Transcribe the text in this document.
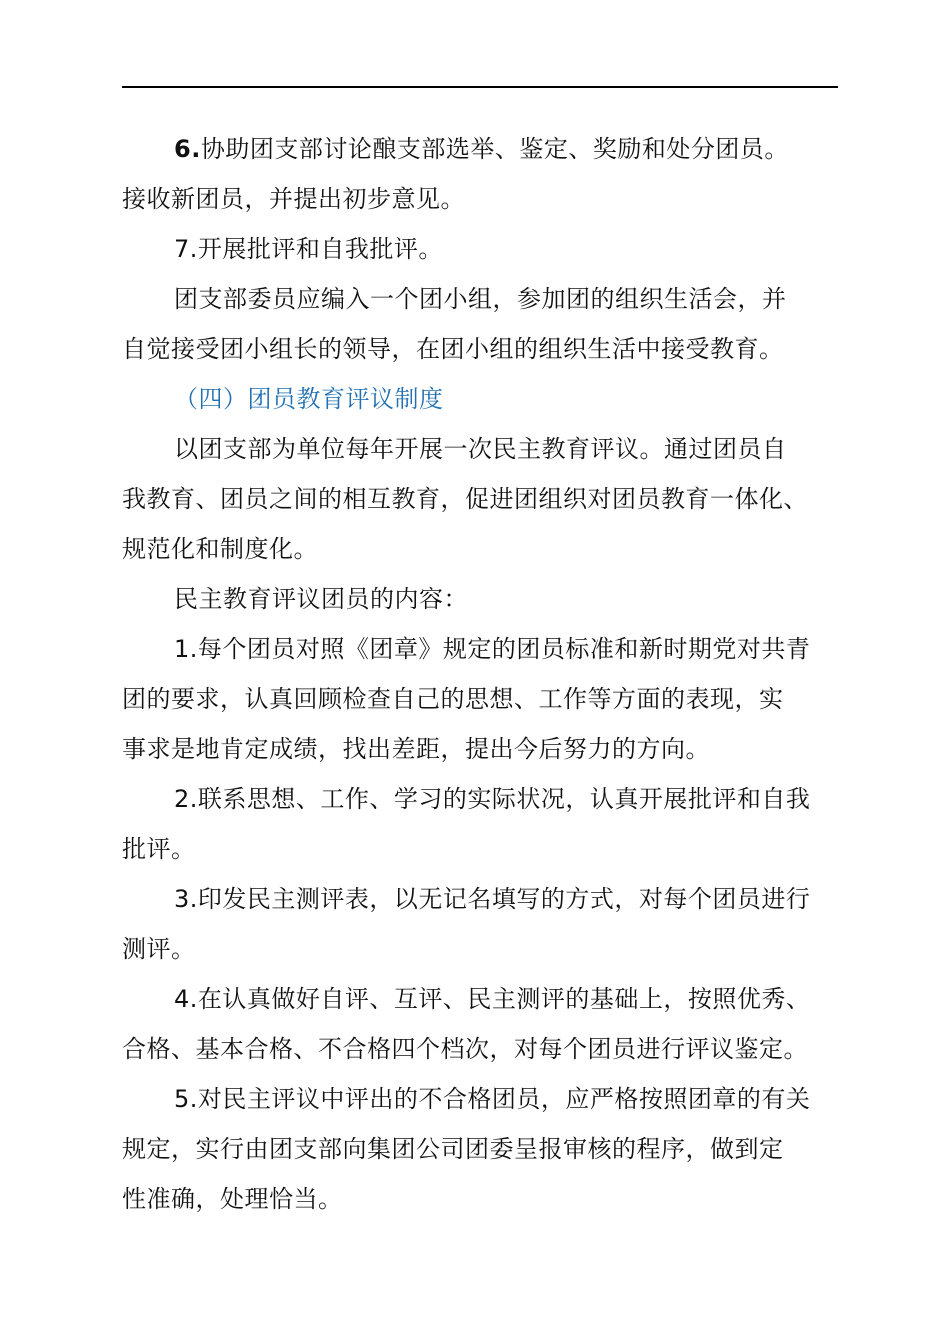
6.协助团支部讨论酿支部选举、鉴定、奖励和处分团员。
接收新团员，并提出初步意见。
7.开展批评和自我批评。
团支部委员应编入一个团小组，参加团的组织生活会，并
自觉接受团小组长的领导，在团小组的组织生活中接受教育。
（四）团员教育评议制度
以团支部为单位每年开展一次民主教育评议。通过团员自
我教育、团员之间的相互教育，促进团组织对团员教育一体化、
规范化和制度化。
民主教育评议团员的内容：
1.每个团员对照《团章》规定的团员标准和新时期党对共青
团的要求，认真回顾检查自己的思想、工作等方面的表现，实
事求是地肯定成绩，找出差距，提出今后努力的方向。
2.联系思想、工作、学习的实际状况，认真开展批评和自我
批评。
3.印发民主测评表，以无记名填写的方式，对每个团员进行
测评。
4.在认真做好自评、互评、民主测评的基础上，按照优秀、
合格、基本合格、不合格四个档次，对每个团员进行评议鉴定。
5.对民主评议中评出的不合格团员，应严格按照团章的有关
规定，实行由团支部向集团公司团委呈报审核的程序，做到定
性准确，处理恰当。
